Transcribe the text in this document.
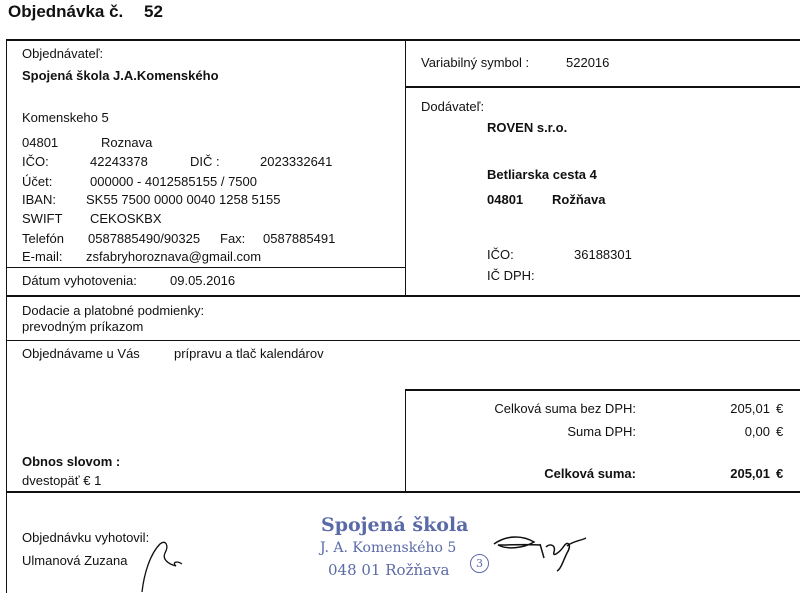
Objednávka č. 52
Objednávateľ:
Spojená škola J.A.Komenského
Komenskeho 5
04801	Roznava
IČO:	42243378	DIČ :	2023332641
Účet:	000000 - 4012585155 / 7500
IBAN: SK55 7500 0000 0040 1258 5155
SWIFT CEKOSKBX
Telefón 0587885490/90325 Fax: 0587885491
E-mail: zsfabryhoroznava@gmail.com
Dátum vyhotovenia:	09.05.2016
Variabilný symbol :	522016
Dodávateľ:
ROVEN s.r.o.
Betliarska cesta 4
04801 Rožňava
IČO:	36188301
IČ DPH:
Dodacie a platobné podmienky:
prevodným príkazom
Objednávame u Vás	prípravu a tlač kalendárov
Celková suma bez DPH:	205,01 €
Suma DPH:	0,00 €
Celková suma:	205,01 €
Obnos slovom :
dvestopäť € 1
Objednávku vyhotovil:
Ulmanová Zuzana
Spojená škola
J. A. Komenského 5
048 01 Rožňava	3
